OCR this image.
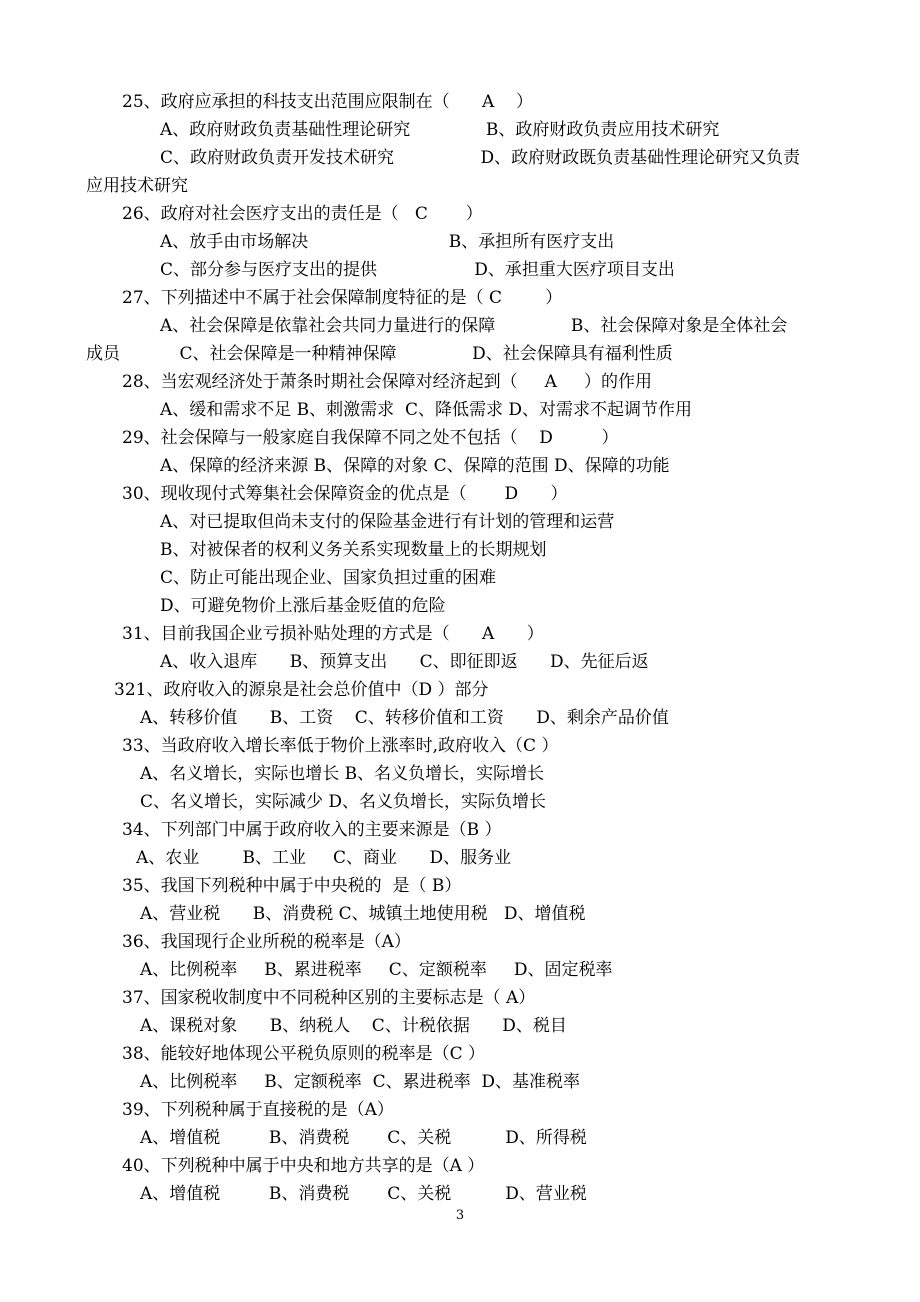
25、政府应承担的科技支出范围应限制在（      A    ）
A、政府财政负责基础性理论研究              B、政府财政负责应用技术研究
C、政府财政负责开发技术研究                D、政府财政既负责基础性理论研究又负责
应用技术研究
26、政府对社会医疗支出的责任是（   C       ）
A、放手由市场解决                          B、承担所有医疗支出
C、部分参与医疗支出的提供                  D、承担重大医疗项目支出
27、下列描述中不属于社会保障制度特征的是（ C        ）
A、社会保障是依靠社会共同力量进行的保障              B、社会保障对象是全体社会
成员           C、社会保障是一种精神保障              D、社会保障具有福利性质
28、当宏观经济处于萧条时期社会保障对经济起到（     A     ）的作用
A、缓和需求不足 B、刺激需求  C、降低需求 D、对需求不起调节作用
29、社会保障与一般家庭自我保障不同之处不包括（    D         ）
A、保障的经济来源 B、保障的对象 C、保障的范围 D、保障的功能
30、现收现付式筹集社会保障资金的优点是（       D      ）
A、对已提取但尚未支付的保险基金进行有计划的管理和运营
B、对被保者的权利义务关系实现数量上的长期规划
C、防止可能出现企业、国家负担过重的困难
D、可避免物价上涨后基金贬值的危险
31、目前我国企业亏损补贴处理的方式是（      A      ）
A、收入退库      B、预算支出      C、即征即返      D、先征后返
321、政府收入的源泉是社会总价值中（D ）部分
A、转移价值      B、工资    C、转移价值和工资      D、剩余产品价值
33、当政府收入增长率低于物价上涨率时,政府收入（C ）
A、名义增长，实际也增长 B、名义负增长，实际增长
C、名义增长，实际减少 D、名义负增长，实际负增长
34、下列部门中属于政府收入的主要来源是（B ）
A、农业        B、工业     C、商业      D、服务业
35、我国下列税种中属于中央税的  是（ B）
A、营业税      B、消费税 C、城镇土地使用税   D、增值税
36、我国现行企业所税的税率是（A）
A、比例税率     B、累进税率     C、定额税率     D、固定税率
37、国家税收制度中不同税种区别的主要标志是（ A）
A、课税对象      B、纳税人    C、计税依据      D、税目
38、能较好地体现公平税负原则的税率是（C ）
A、比例税率     B、定额税率  C、累进税率  D、基准税率
39、下列税种属于直接税的是（A）
A、增值税         B、消费税       C、关税          D、所得税
40、下列税种中属于中央和地方共享的是（A ）
A、增值税         B、消费税       C、关税          D、营业税
3
